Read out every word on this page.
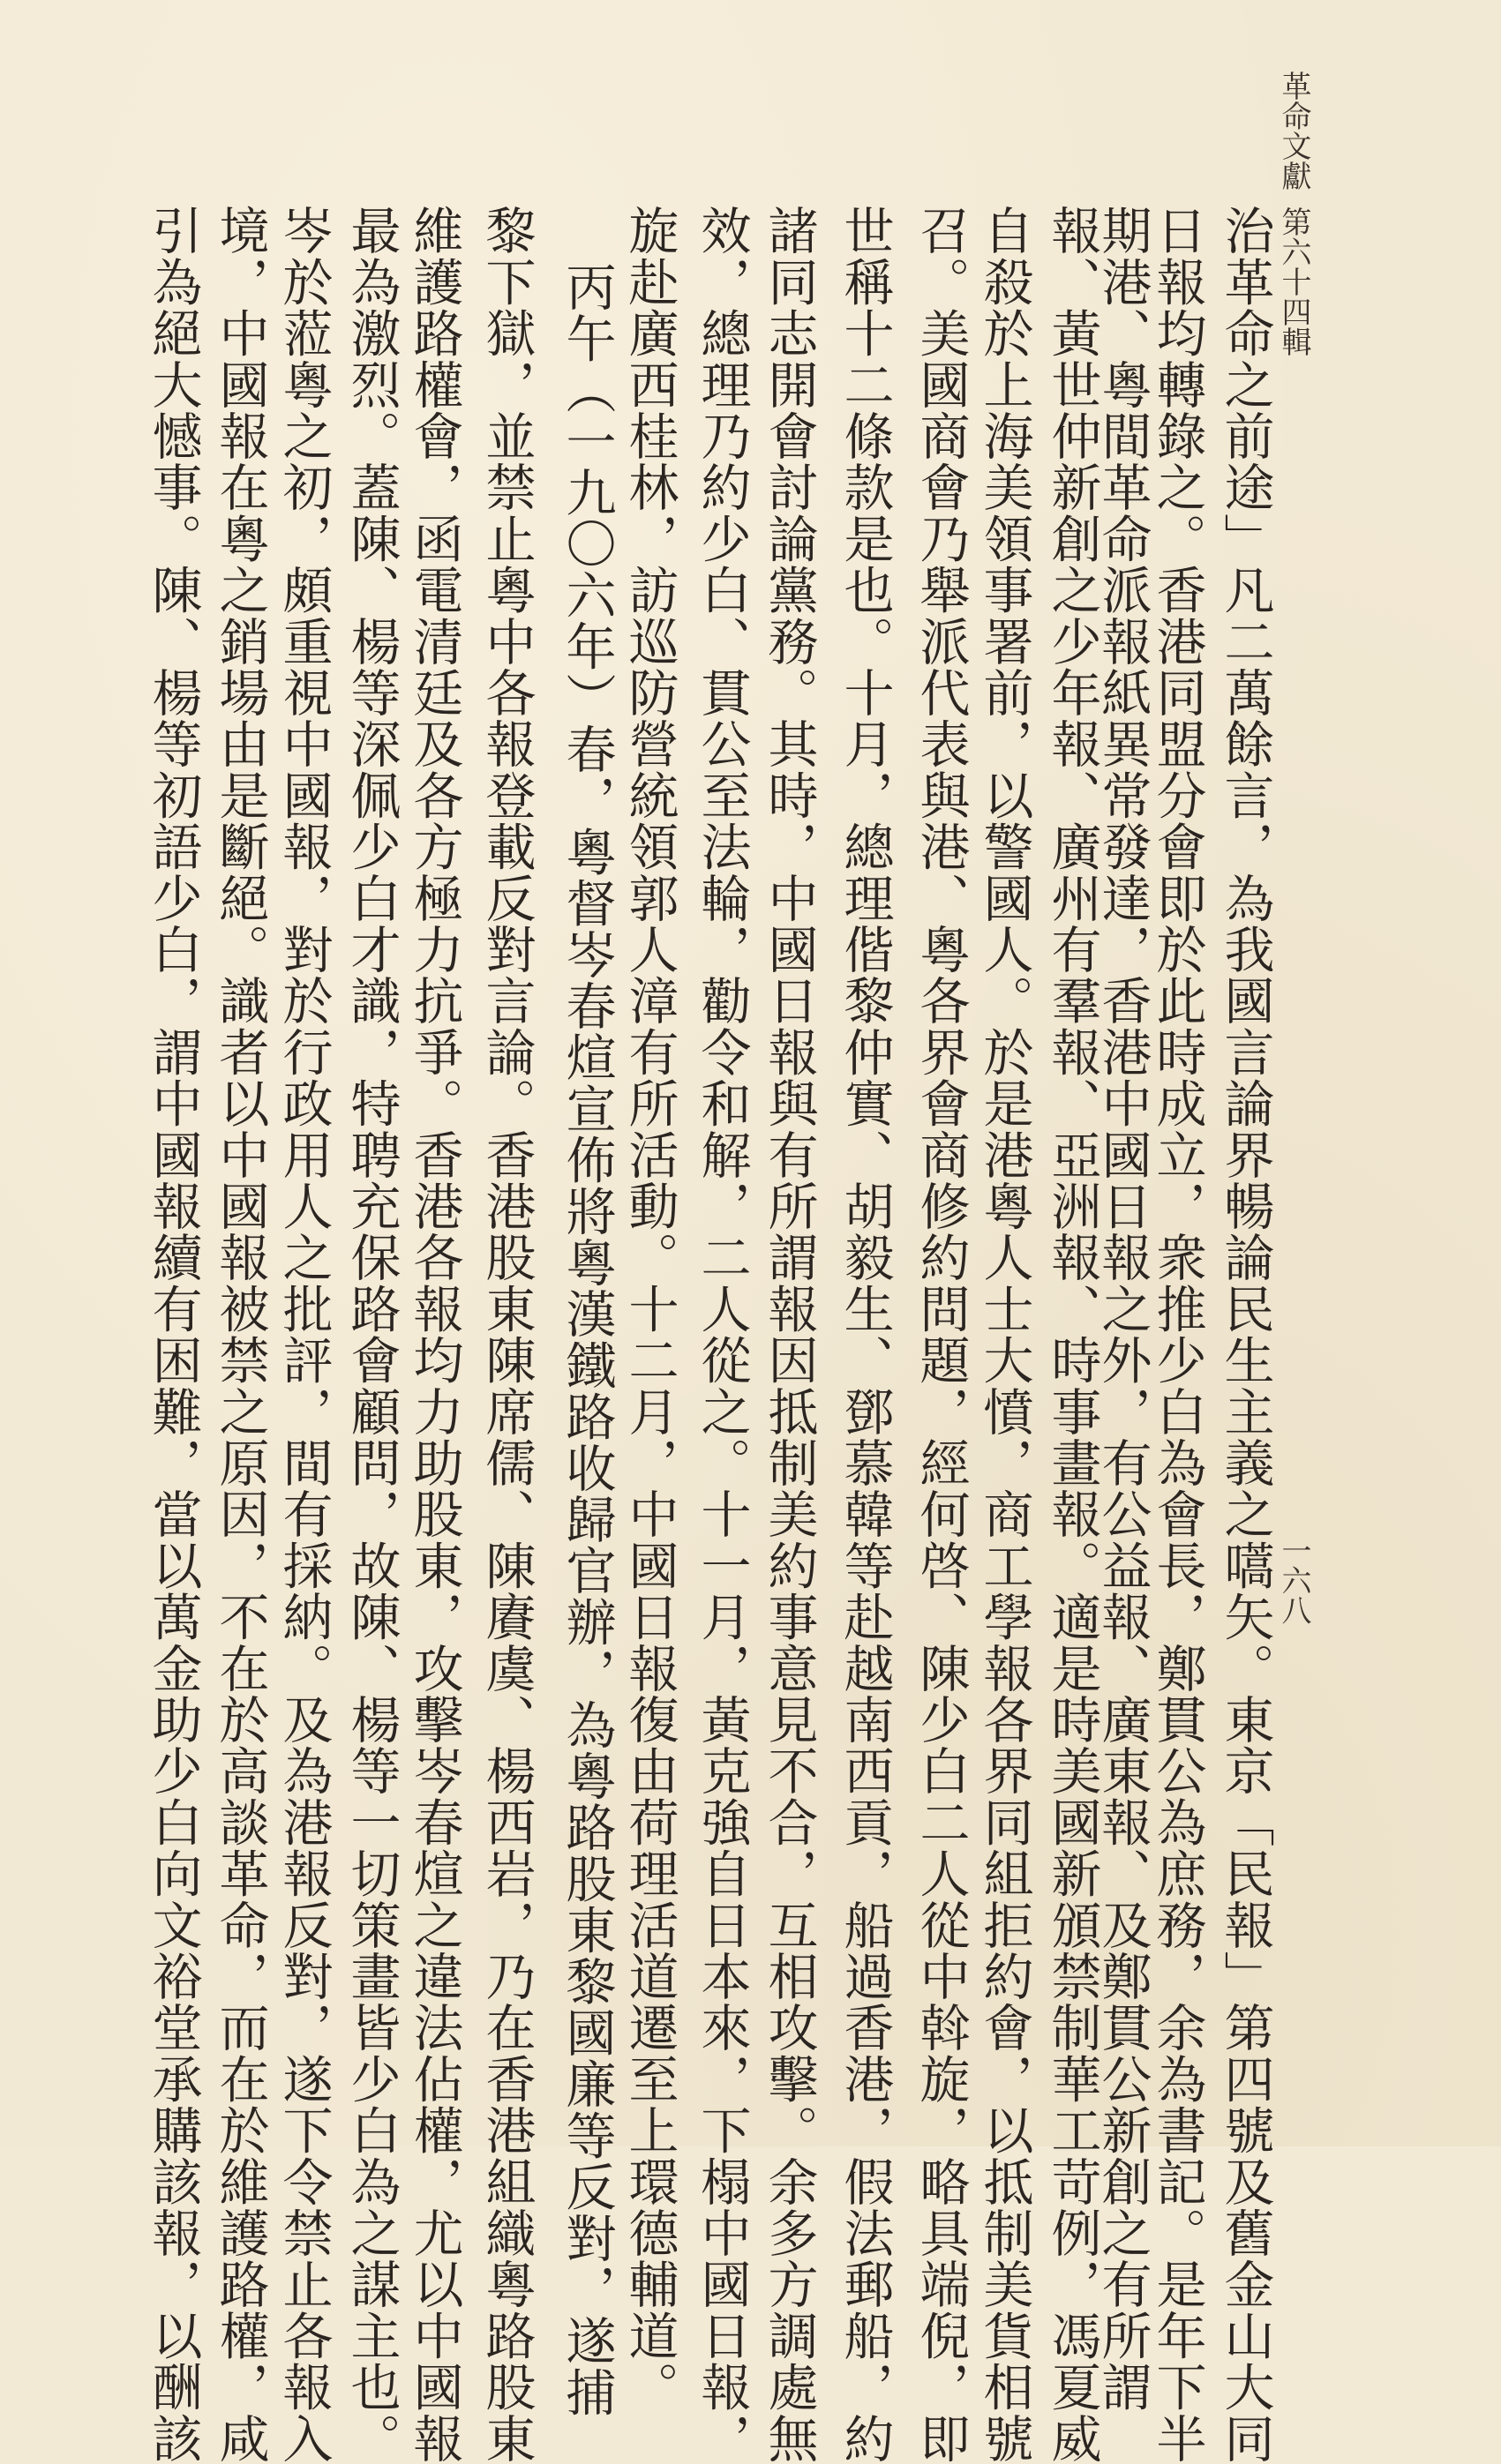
革命文獻第六十四輯
一六八
治革命之前途」凡二萬餘言，為我國言論界暢論民生主義之嚆矢。東京「民報」第四號及舊金山大同
日報均轉錄之。香港同盟分會即於此時成立，衆推少白為會長，鄭貫公為庶務，余為書記。是年下半
期港、粵間革命派報紙異常發達，香港中國日報之外，有公益報、廣東報、及鄭貫公新創之有所謂
報、黃世仲新創之少年報、廣州有羣報、亞洲報、時事畫報。適是時美國新頒禁制華工苛例，馮夏威
自殺於上海美領事署前，以警國人。於是港粵人士大憤，商工學報各界同組拒約會，以抵制美貨相號
召。美國商會乃舉派代表與港、粵各界會商修約問題，經何啓、陳少白二人從中斡旋，略具端倪，即
世稱十二條款是也。十月，總理偕黎仲實、胡毅生、鄧慕韓等赴越南西貢，船過香港，假法郵船，約
諸同志開會討論黨務。其時，中國日報與有所謂報因抵制美約事意見不合，互相攻擊。余多方調處無
效，總理乃約少白、貫公至法輪，勸令和解，二人從之。十一月，黃克強自日本來，下榻中國日報，
旋赴廣西桂林，訪巡防營統領郭人漳有所活動。十二月，中國日報復由荷理活道遷至上環德輔道。
丙午（一九〇六年）春，粵督岑春煊宣佈將粵漢鐵路收歸官辦，為粵路股東黎國廉等反對，遂捕
黎下獄，並禁止粵中各報登載反對言論。香港股東陳席儒、陳賡虞、楊西岩，乃在香港組織粵路股東
維護路權會，函電清廷及各方極力抗爭。香港各報均力助股東，攻擊岑春煊之違法佔權，尤以中國報
最為激烈。蓋陳、楊等深佩少白才識，特聘充保路會顧問，故陳、楊等一切策畫皆少白為之謀主也。
岑於蒞粵之初，頗重視中國報，對於行政用人之批評，間有採納。及為港報反對，遂下令禁止各報入
境，中國報在粵之銷場由是斷絕。識者以中國報被禁之原因，不在於高談革命，而在於維護路權，咸
引為絕大憾事。陳、楊等初語少白，謂中國報續有困難，當以萬金助少白向文裕堂承購該報，以酬該
